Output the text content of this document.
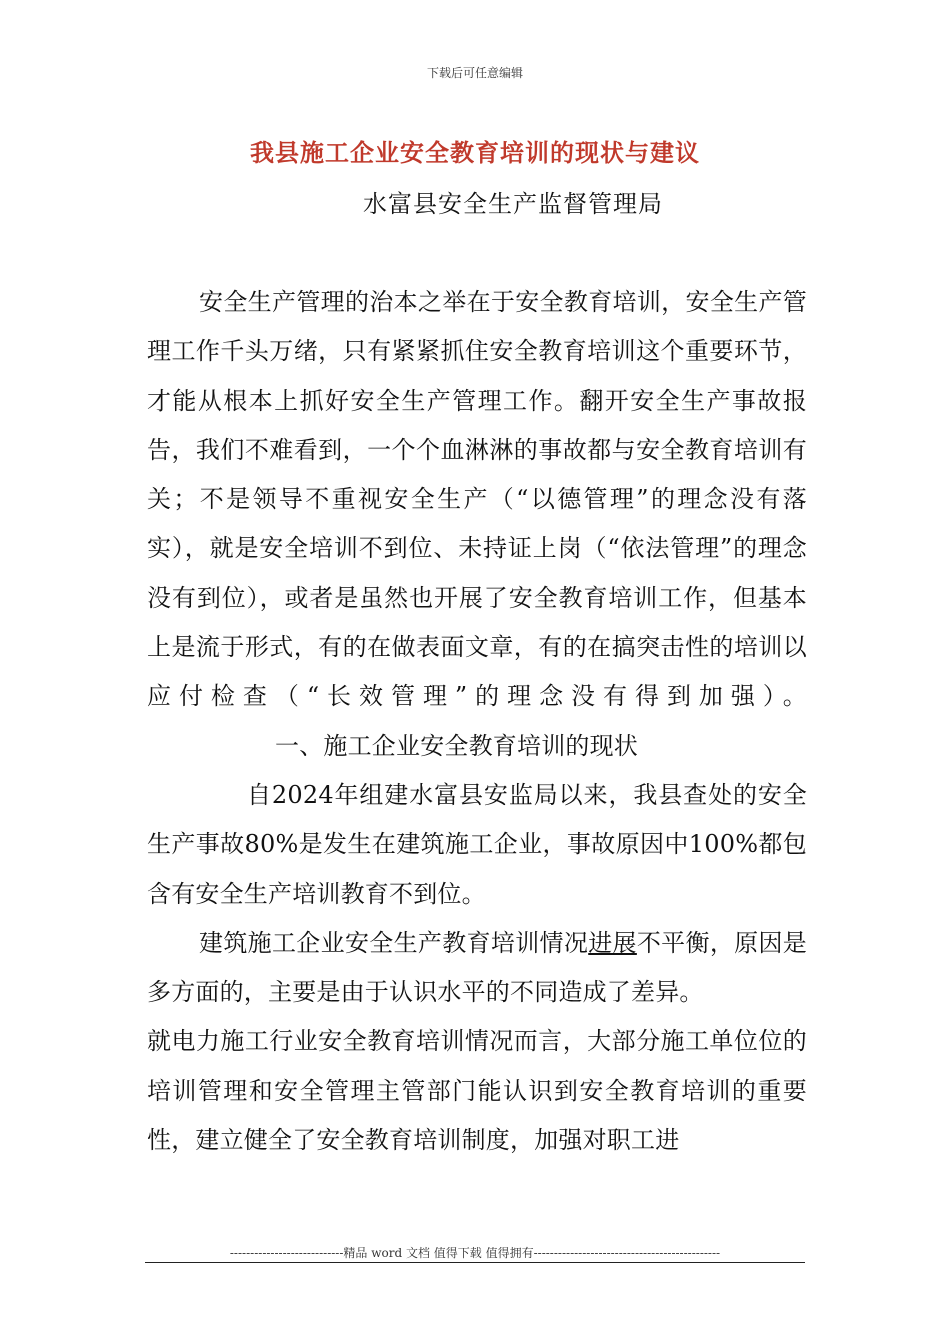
下载后可任意编辑
我县施工企业安全教育培训的现状与建议
水富县安全生产监督管理局

安全生产管理的治本之举在于安全教育培训，安全生产管理工作千头万绪，只有紧紧抓住安全教育培训这个重要环节，才能从根本上抓好安全生产管理工作。翻开安全生产事故报告，我们不难看到，一个个血淋淋的事故都与安全教育培训有关；不是领导不重视安全生产（“以德管理”的理念没有落实），就是安全培训不到位、未持证上岗（“依法管理”的理念没有到位），或者是虽然也开展了安全教育培训工作，但基本上是流于形式，有的在做表面文章，有的在搞突击性的培训以应付检查（“长效管理”的理念没有得到加强）。一、施工企业安全教育培训的现状

自2024年组建水富县安监局以来，我县查处的安全生产事故80%是发生在建筑施工企业，事故原因中100%都包含有安全生产培训教育不到位。

建筑施工企业安全生产教育培训情况进展不平衡，原因是多方面的，主要是由于认识水平的不同造成了差异。

就电力施工行业安全教育培训情况而言，大部分施工单位位的培训管理和安全管理主管部门能认识到安全教育培训的重要性，建立健全了安全教育培训制度，加强对职工进

----------------------------精品 word 文档 值得下载 值得拥有----------------------------------------------
